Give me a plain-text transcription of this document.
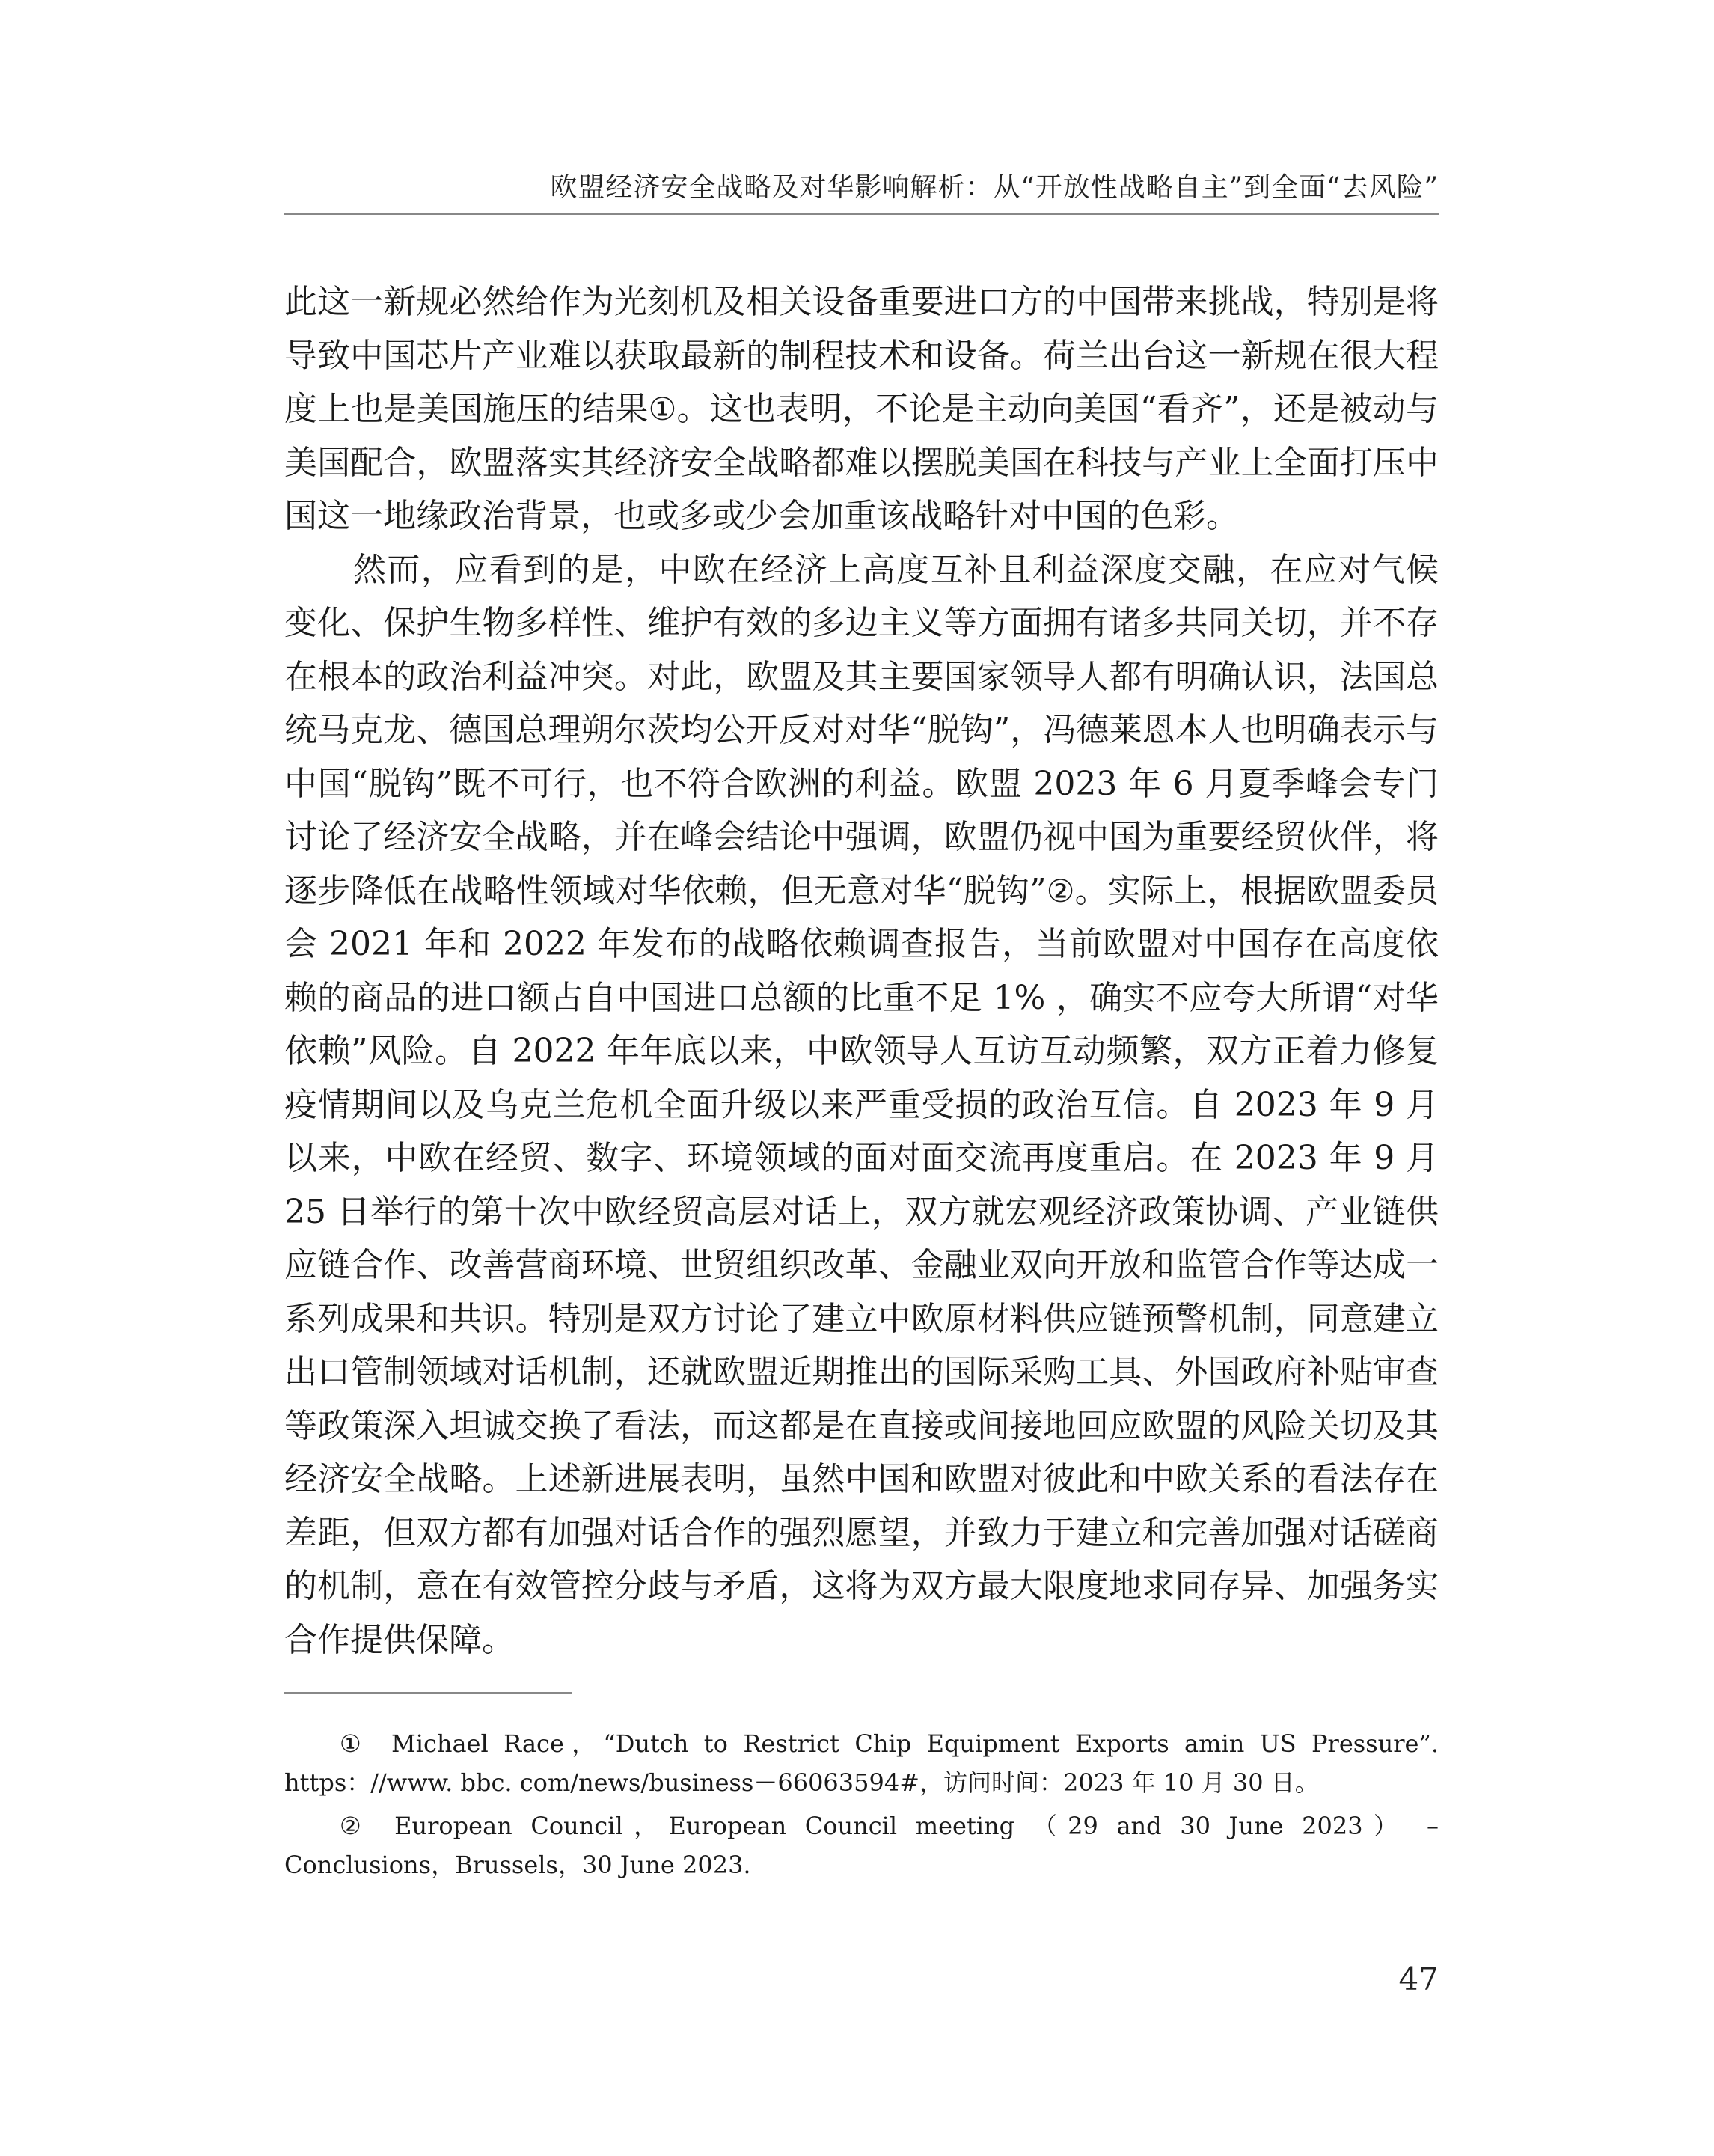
欧盟经济安全战略及对华影响解析：从“开放性战略自主”到全面“去风险”

此这一新规必然给作为光刻机及相关设备重要进口方的中国带来挑战，特别是将导致中国芯片产业难以获取最新的制程技术和设备。荷兰出台这一新规在很大程度上也是美国施压的结果①。这也表明，不论是主动向美国“看齐”，还是被动与美国配合，欧盟落实其经济安全战略都难以摆脱美国在科技与产业上全面打压中国这一地缘政治背景，也或多或少会加重该战略针对中国的色彩。

然而，应看到的是，中欧在经济上高度互补且利益深度交融，在应对气候变化、保护生物多样性、维护有效的多边主义等方面拥有诸多共同关切，并不存在根本的政治利益冲突。对此，欧盟及其主要国家领导人都有明确认识，法国总统马克龙、德国总理朔尔茨均公开反对对华“脱钩”，冯德莱恩本人也明确表示与中国“脱钩”既不可行，也不符合欧洲的利益。欧盟 2023 年 6 月夏季峰会专门讨论了经济安全战略，并在峰会结论中强调，欧盟仍视中国为重要经贸伙伴，将逐步降低在战略性领域对华依赖，但无意对华“脱钩”②。实际上，根据欧盟委员会 2021 年和 2022 年发布的战略依赖调查报告，当前欧盟对中国存在高度依赖的商品的进口额占自中国进口总额的比重不足 1% ，确实不应夸大所谓“对华依赖”风险。自 2022 年年底以来，中欧领导人互访互动频繁，双方正着力修复疫情期间以及乌克兰危机全面升级以来严重受损的政治互信。自 2023 年 9 月以来，中欧在经贸、数字、环境领域的面对面交流再度重启。在 2023 年 9 月 25 日举行的第十次中欧经贸高层对话上，双方就宏观经济政策协调、产业链供应链合作、改善营商环境、世贸组织改革、金融业双向开放和监管合作等达成一系列成果和共识。特别是双方讨论了建立中欧原材料供应链预警机制，同意建立出口管制领域对话机制，还就欧盟近期推出的国际采购工具、外国政府补贴审查等政策深入坦诚交换了看法，而这都是在直接或间接地回应欧盟的风险关切及其经济安全战略。上述新进展表明，虽然中国和欧盟对彼此和中欧关系的看法存在差距，但双方都有加强对话合作的强烈愿望，并致力于建立和完善加强对话磋商的机制，意在有效管控分歧与矛盾，这将为双方最大限度地求同存异、加强务实合作提供保障。

① Michael Race，“Dutch to Restrict Chip Equipment Exports amin US Pressure”. https：//www. bbc. com/news/business－66063594#，访问时间：2023 年 10 月 30 日。

② European Council，European Council meeting （29 and 30 June 2023） – Conclusions，Brussels，30 June 2023.

47
